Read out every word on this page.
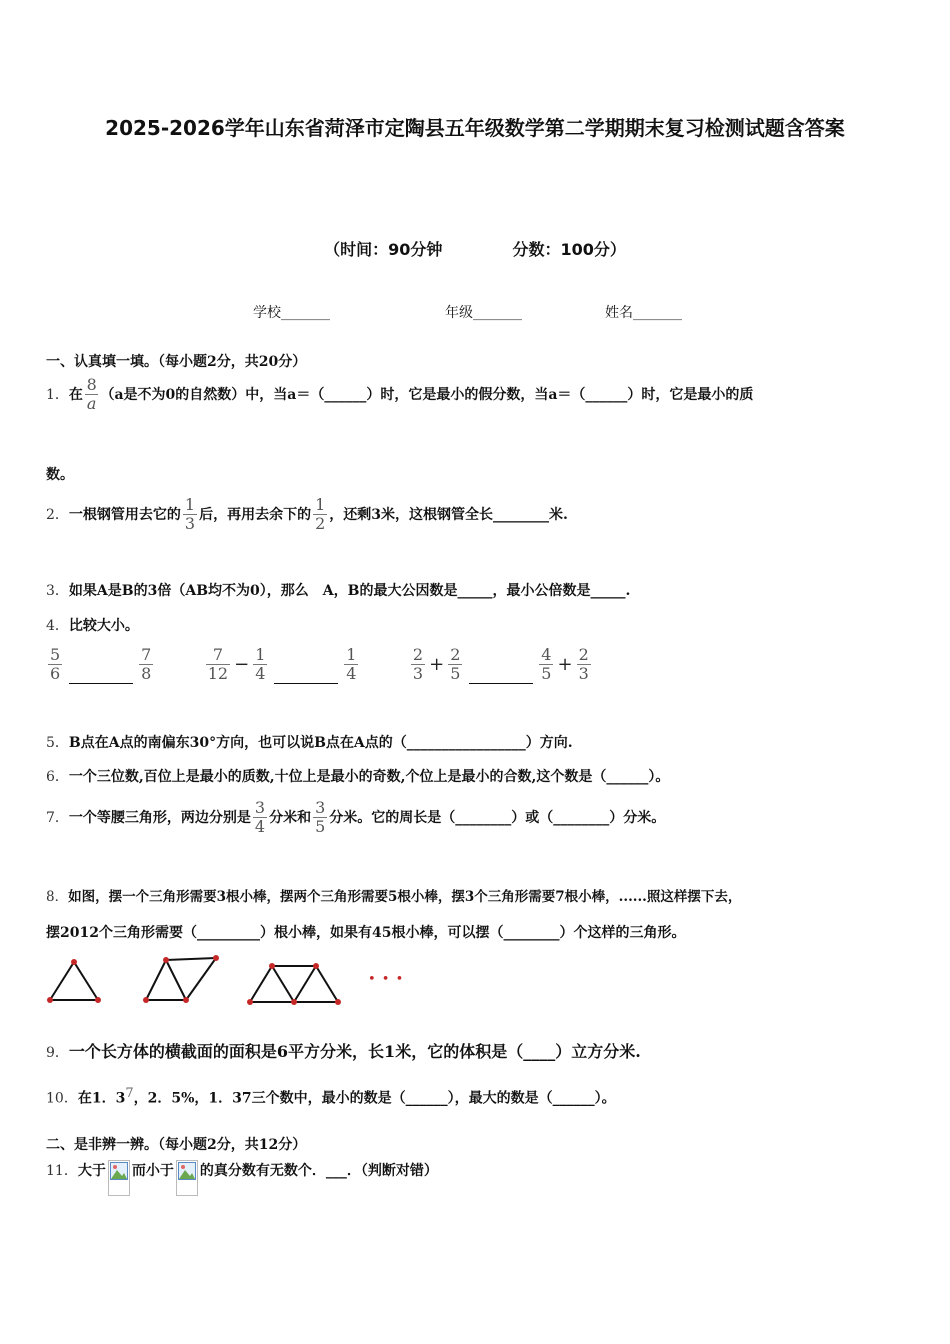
2025-2026学年山东省菏泽市定陶县五年级数学第二学期期末复习检测试题含答案
（时间：90分钟	分数：100分）
学校_______	年级_______	姓名_______
一、认真填一填。（每小题2分，共20分）
1．在 $\frac{8}{a} (a$是不为0的自然数）中，当a＝（______）时，它是最小的假分数，当a＝（______）时，它是最小的质
数。
2．一根钢管用去它的 $\frac{1}{3}$ 后，再用去余下的 $\frac{1}{2}$ ，还剩3米，这根钢管全长________米.
3．如果A是B的3倍（AB均不为0），那么　A，B的最大公因数是_____，最小公倍数是_____.
4．比较大小。
$\frac{5}{6}$
	$\frac{7}{8}$
	$\frac{7}{12} - \frac{1}{4}$
	$\frac{1}{4}$
	$\frac{2}{3} + \frac{2}{5}$
	$\frac{4}{5} + \frac{2}{3}$
5．B点在A点的南偏东30°方向，也可以说B点在A点的（_________________）方向.
6．一个三位数,百位上是最小的质数,十位上是最小的奇数,个位上是最小的合数,这个数是（______）。
7．一个等腰三角形，两边分别是 $\frac{3}{4}$ 分米和 $\frac{3}{5}$ 分米。它的周长是（________）或（________）分米。
8．如图，摆一个三角形需要3根小棒，摆两个三角形需要5根小棒，摆3个三角形需要7根小棒，......照这样摆下去，
摆2012个三角形需要（_________）根小棒，如果有45根小棒，可以摆（________）个这样的三角形。
• • •
9．一个长方体的横截面的面积是6平方分米，长1米，它的体积是（____）立方分米.
10．在1．$3^7$，2．5%，1．37三个数中，最小的数是（______），最大的数是（______）。
二、是非辨一辨。（每小题2分，共12分）
11．大于 而小于 的真分数有无数个．___．（判断对错）
